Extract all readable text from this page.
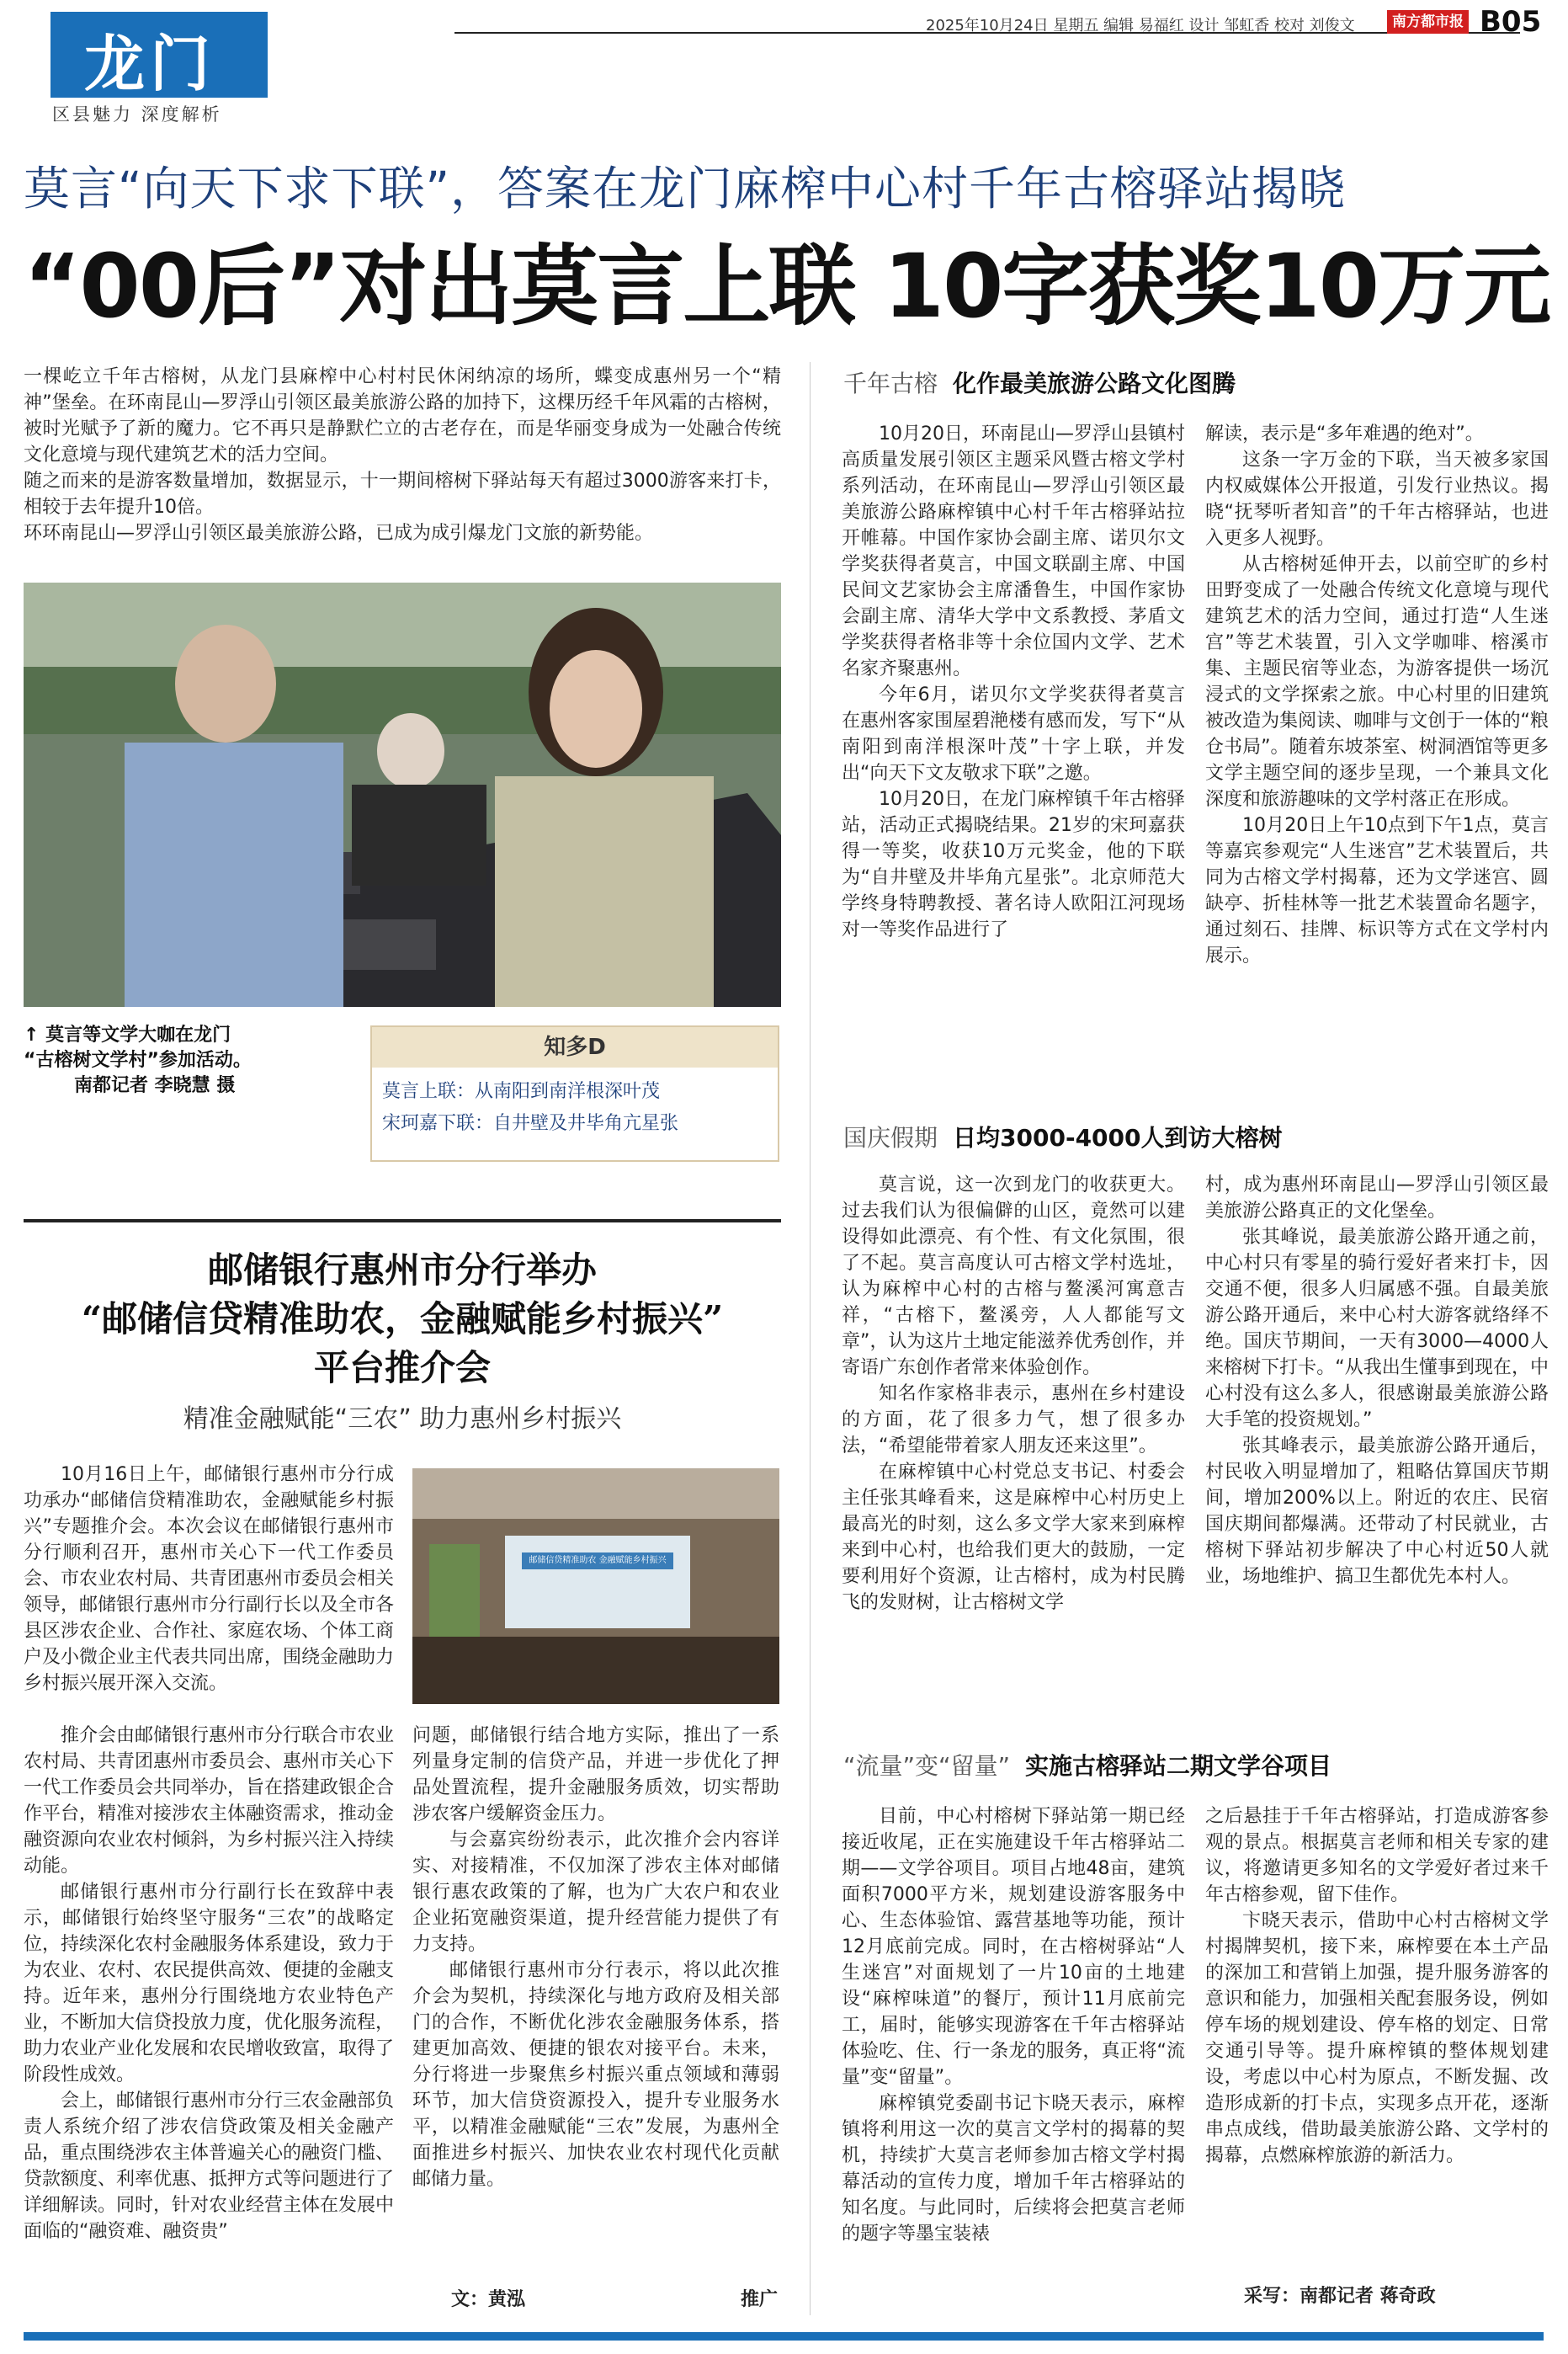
龙门
区县魅力 深度解析
2025年10月24日 星期五 编辑 易福红 设计 邹虹香 校对 刘俊文	南方都市报 B05
莫言“向天下求下联”，答案在龙门麻榨中心村千年古榕驿站揭晓
“00后”对出莫言上联 10字获奖10万元

一棵屹立千年古榕树，从龙门县麻榨中心村村民休闲纳凉的场所，蝶变成惠州另一个“精神”堡垒。在环南昆山—罗浮山引领区最美旅游公路的加持下，这棵历经千年风霜的古榕树，被时光赋予了新的魔力。它不再只是静默伫立的古老存在，而是华丽变身成为一处融合传统文化意境与现代建筑艺术的活力空间。

随之而来的是游客数量增加，数据显示，十一期间榕树下驿站每天有超过3000游客来打卡，相较于去年提升10倍。

环环南昆山—罗浮山引领区最美旅游公路，已成为成引爆龙门文旅的新势能。

↑ 莫言等文学大咖在龙门
“古榕树文学村”参加活动。
南都记者 李晓慧 摄
知多D
莫言上联：从南阳到南洋根深叶茂
宋珂嘉下联：自井壁及井毕角亢星张
千年古榕 化作最美旅游公路文化图腾

10月20日，环南昆山—罗浮山县镇村高质量发展引领区主题采风暨古榕文学村系列活动，在环南昆山—罗浮山引领区最美旅游公路麻榨镇中心村千年古榕驿站拉开帷幕。中国作家协会副主席、诺贝尔文学奖获得者莫言，中国文联副主席、中国民间文艺家协会主席潘鲁生，中国作家协会副主席、清华大学中文系教授、茅盾文学奖获得者格非等十余位国内文学、艺术名家齐聚惠州。

今年6月，诺贝尔文学奖获得者莫言在惠州客家围屋碧滟楼有感而发，写下“从南阳到南洋根深叶茂”十字上联，并发出“向天下文友敬求下联”之邀。

10月20日，在龙门麻榨镇千年古榕驿站，活动正式揭晓结果。21岁的宋珂嘉获得一等奖，收获10万元奖金，他的下联为“自井壁及井毕角亢星张”。北京师范大学终身特聘教授、著名诗人欧阳江河现场对一等奖作品进行了

解读，表示是“多年难遇的绝对”。

这条一字万金的下联，当天被多家国内权威媒体公开报道，引发行业热议。揭晓“抚琴听者知音”的千年古榕驿站，也进入更多人视野。

从古榕树延伸开去，以前空旷的乡村田野变成了一处融合传统文化意境与现代建筑艺术的活力空间，通过打造“人生迷宫”等艺术装置，引入文学咖啡、榕溪市集、主题民宿等业态，为游客提供一场沉浸式的文学探索之旅。中心村里的旧建筑被改造为集阅读、咖啡与文创于一体的“粮仓书局”。随着东坡茶室、树洞酒馆等更多文学主题空间的逐步呈现，一个兼具文化深度和旅游趣味的文学村落正在形成。

10月20日上午10点到下午1点，莫言等嘉宾参观完“人生迷宫”艺术装置后，共同为古榕文学村揭幕，还为文学迷宫、圆缺亭、折桂林等一批艺术装置命名题字，通过刻石、挂牌、标识等方式在文学村内展示。

国庆假期 日均3000-4000人到访大榕树

莫言说，这一次到龙门的收获更大。过去我们认为很偏僻的山区，竟然可以建设得如此漂亮、有个性、有文化氛围，很了不起。莫言高度认可古榕文学村选址，认为麻榨中心村的古榕与鳌溪河寓意吉祥，“古榕下，鳌溪旁，人人都能写文章”，认为这片土地定能滋养优秀创作，并寄语广东创作者常来体验创作。

知名作家格非表示，惠州在乡村建设的方面，花了很多力气，想了很多办法，“希望能带着家人朋友还来这里”。

在麻榨镇中心村党总支书记、村委会主任张其峰看来，这是麻榨中心村历史上最高光的时刻，这么多文学大家来到麻榨来到中心村，也给我们更大的鼓励，一定要利用好个资源，让古榕村，成为村民腾飞的发财树，让古榕树文学

村，成为惠州环南昆山—罗浮山引领区最美旅游公路真正的文化堡垒。

张其峰说，最美旅游公路开通之前，中心村只有零星的骑行爱好者来打卡，因交通不便，很多人归属感不强。自最美旅游公路开通后，来中心村大游客就络绎不绝。国庆节期间，一天有3000—4000人来榕树下打卡。“从我出生懂事到现在，中心村没有这么多人，很感谢最美旅游公路大手笔的投资规划。”

张其峰表示，最美旅游公路开通后，村民收入明显增加了，粗略估算国庆节期间，增加200%以上。附近的农庄、民宿国庆期间都爆满。还带动了村民就业，古榕树下驿站初步解决了中心村近50人就业，场地维护、搞卫生都优先本村人。

“流量”变“留量” 实施古榕驿站二期文学谷项目

目前，中心村榕树下驿站第一期已经接近收尾，正在实施建设千年古榕驿站二期——文学谷项目。项目占地48亩，建筑面积7000平方米，规划建设游客服务中心、生态体验馆、露营基地等功能，预计12月底前完成。同时，在古榕树驿站“人生迷宫”对面规划了一片10亩的土地建设“麻榨味道”的餐厅，预计11月底前完工，届时，能够实现游客在千年古榕驿站体验吃、住、行一条龙的服务，真正将“流量”变“留量”。

麻榨镇党委副书记卞晓天表示，麻榨镇将利用这一次的莫言文学村的揭幕的契机，持续扩大莫言老师参加古榕文学村揭幕活动的宣传力度，增加千年古榕驿站的知名度。与此同时，后续将会把莫言老师的题字等墨宝装裱

之后悬挂于千年古榕驿站，打造成游客参观的景点。根据莫言老师和相关专家的建议，将邀请更多知名的文学爱好者过来千年古榕参观，留下佳作。

卞晓天表示，借助中心村古榕树文学村揭牌契机，接下来，麻榨要在本土产品的深加工和营销上加强，提升服务游客的意识和能力，加强相关配套服务设，例如停车场的规划建设、停车格的划定、日常交通引导等。提升麻榨镇的整体规划建设，考虑以中心村为原点，不断发掘、改造形成新的打卡点，实现多点开花，逐渐串点成线，借助最美旅游公路、文学村的揭幕，点燃麻榨旅游的新活力。

采写：南都记者 蒋奇政
邮储银行惠州市分行举办
“邮储信贷精准助农，金融赋能乡村振兴”
平台推介会
精准金融赋能“三农” 助力惠州乡村振兴

10月16日上午，邮储银行惠州市分行成功承办“邮储信贷精准助农，金融赋能乡村振兴”专题推介会。本次会议在邮储银行惠州市分行顺利召开，惠州市关心下一代工作委员会、市农业农村局、共青团惠州市委员会相关领导，邮储银行惠州市分行副行长以及全市各县区涉农企业、合作社、家庭农场、个体工商户及小微企业主代表共同出席，围绕金融助力乡村振兴展开深入交流。

邮储信贷精准助农 金融赋能乡村振兴

推介会由邮储银行惠州市分行联合市农业农村局、共青团惠州市委员会、惠州市关心下一代工作委员会共同举办，旨在搭建政银企合作平台，精准对接涉农主体融资需求，推动金融资源向农业农村倾斜，为乡村振兴注入持续动能。

邮储银行惠州市分行副行长在致辞中表示，邮储银行始终坚守服务“三农”的战略定位，持续深化农村金融服务体系建设，致力于为农业、农村、农民提供高效、便捷的金融支持。近年来，惠州分行围绕地方农业特色产业，不断加大信贷投放力度，优化服务流程，助力农业产业化发展和农民增收致富，取得了阶段性成效。

会上，邮储银行惠州市分行三农金融部负责人系统介绍了涉农信贷政策及相关金融产品，重点围绕涉农主体普遍关心的融资门槛、贷款额度、利率优惠、抵押方式等问题进行了详细解读。同时，针对农业经营主体在发展中面临的“融资难、融资贵”

问题，邮储银行结合地方实际，推出了一系列量身定制的信贷产品，并进一步优化了押品处置流程，提升金融服务质效，切实帮助涉农客户缓解资金压力。

与会嘉宾纷纷表示，此次推介会内容详实、对接精准，不仅加深了涉农主体对邮储银行惠农政策的了解，也为广大农户和农业企业拓宽融资渠道，提升经营能力提供了有力支持。

邮储银行惠州市分行表示，将以此次推介会为契机，持续深化与地方政府及相关部门的合作，不断优化涉农金融服务体系，搭建更加高效、便捷的银农对接平台。未来，分行将进一步聚焦乡村振兴重点领域和薄弱环节，加大信贷资源投入，提升专业服务水平，以精准金融赋能“三农”发展，为惠州全面推进乡村振兴、加快农业农村现代化贡献邮储力量。

文：黄泓	推广
